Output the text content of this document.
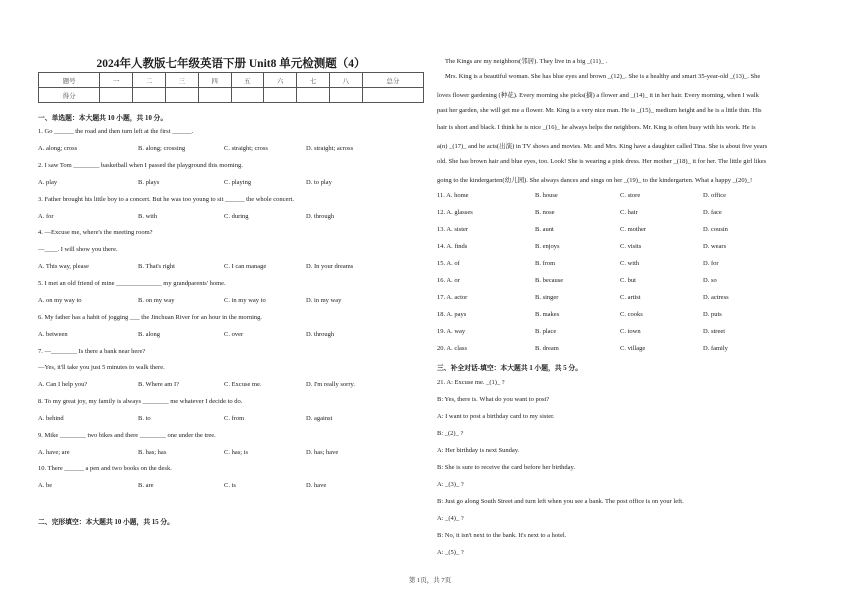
2024年人教版七年级英语下册 Unit8 单元检测题（4）
题号	一	二	三	四	五	六	七	八	总分
得分									
一、单选题：本大题共 10 小题，共 10 分。
1. Go ______ the road and then turn left at the first ______.
A. along; cross	B. along; crossing	C. straight; cross	D. straight; across
2. I saw Tom ________ basketball when I passed the playground this morning.
A. play	B. plays	C. playing	D. to play
3. Father brought his little boy to a concert. But he was too young to sit ______ the whole concert.
A. for	B. with	C. during	D. through
4. —Excuse me, where's the meeting room?
—____. I will show you there.
A. This way, please	B. That's right	C. I can manage	D. In your dreams
5. I met an old friend of mine ______________ my grandparents' home.
A. on my way to	B. on my way	C. in my way to	D. in my way
6. My father has a habit of jogging ___ the Jinchuan River for an hour in the morning.
A. between	B. along	C. over	D. through
7. —________ Is there a bank near here?
—Yes, it'll take you just 5 minutes to walk there.
A. Can I help you?	B. Where am I?	C. Excuse me.	D. I'm really sorry.
8. To my great joy, my family is always ________ me whatever I decide to do.
A. behind	B. to	C. from	D. against
9. Mike ________ two bikes and there ________ one under the tree.
A. have; are	B. has; has	C. has; is	D. has; have
10. There ______ a pen and two books on the desk.
A. be	B. are	C. is	D. have
二、完形填空：本大题共 10 小题，共 15 分。
The Kings are my neighbors(邻居). They live in a big _(11)_ .
Mrs. King is a beautiful woman. She has blue eyes and brown _(12)_. She is a healthy and smart 35-year-old _(13)_. She
loves flower gardening (种花). Every morning she picks(摘) a flower and _(14)_ it in her hair. Every morning, when I walk
past her garden, she will get me a flower. Mr. King is a very nice man. He is _(15)_ medium height and he is a little thin. His
hair is short and black. I think he is nice _(16)_ he always helps the neighbors. Mr. King is often busy with his work. He is
a(n) _(17)_ and he acts(出演) in TV shows and movies. Mr. and Mrs. King have a daughter called Tina. She is about five years
old. She has brown hair and blue eyes, too. Look! She is wearing a pink dress. Her mother _(18)_ it for her. The little girl likes
going to the kindergarten(幼儿园). She always dances and sings on her _(19)_ to the kindergarten. What a happy _(20)_!
11. A. home	B. house	C. store	D. office
12. A. glasses	B. nose	C. hair	D. face
13. A. sister	B. aunt	C. mother	D. cousin
14. A. finds	B. enjoys	C. visits	D. wears
15. A. of	B. from	C. with	D. for
16. A. or	B. because	C. but	D. so
17. A. actor	B. singer	C. artist	D. actress
18. A. pays	B. makes	C. cooks	D. puts
19. A. way	B. place	C. town	D. street
20. A. class	B. dream	C. village	D. family
三、补全对话-填空：本大题共 1 小题，共 5 分。
21. A: Excuse me. _(1)_ ?
B: Yes, there is. What do you want to post?
A: I want to post a birthday card to my sister.
B: _(2)_ ?
A: Her birthday is next Sunday.
B: She is sure to receive the card before her birthday.
A: _(3)_ ?
B: Just go along South Street and turn left when you see a bank. The post office is on your left.
A: _(4)_ ?
B: No, it isn't next to the bank. It's next to a hotel.
A: _(5)_ ?
第 1页，共 7页
